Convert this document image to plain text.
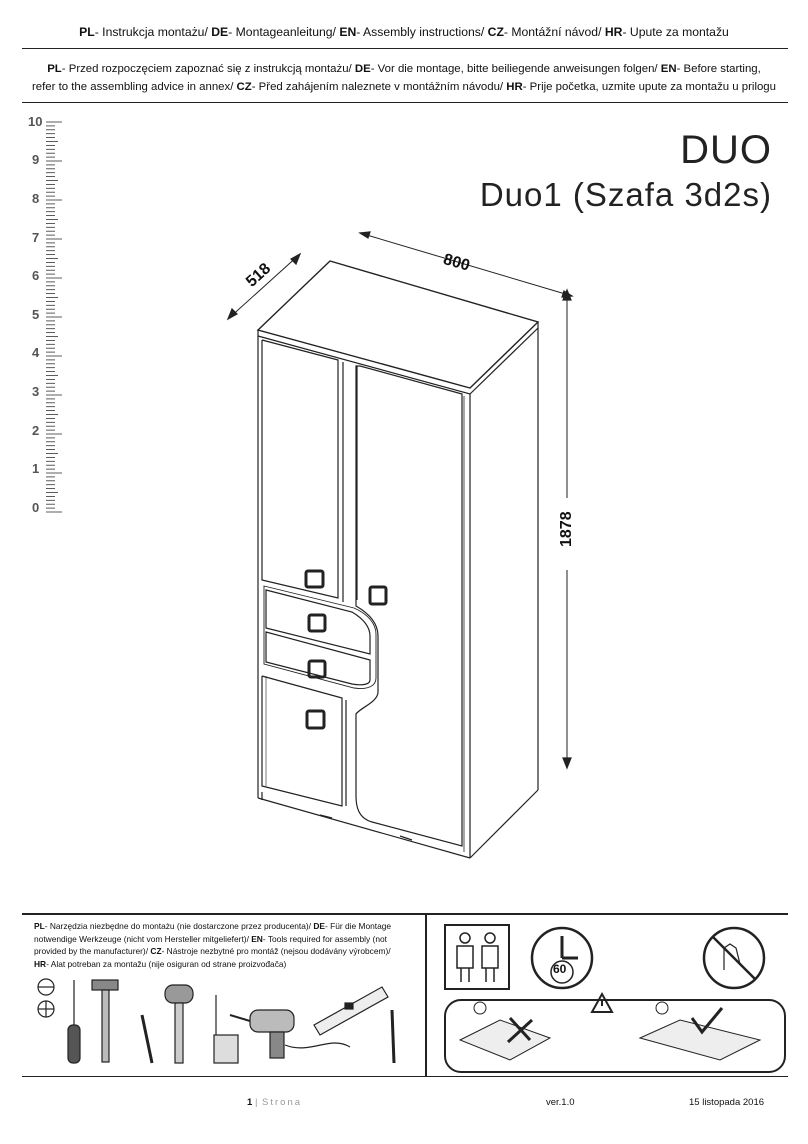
PL- Instrukcja montażu/ DE- Montageanleitung/ EN- Assembly instructions/ CZ- Montážní návod/ HR- Upute za montažu
PL- Przed rozpoczęciem zapoznać się z instrukcją montażu/ DE- Vor die montage, bitte beiliegende anweisungen folgen/ EN- Before starting,
refer to the assembling advice in annex/ CZ- Před zahájením naleznete v montážním návodu/ HR- Prije početka, uzmite upute za montažu u prilogu
DUO
Duo1 (Szafa 3d2s)
10
9
8
7
6
5
4
3
2
1
0
518	800
1878
PL- Narzędzia niezbędne do montażu (nie dostarczone przez producenta)/ DE- Für die Montage
notwendige Werkzeuge (nicht vom Hersteller mitgeliefert)/ EN- Tools required for assembly (not
provided by the manufacturer)/ CZ- Nástroje nezbytné pro montáž (nejsou dodávány výrobcem)/
HR- Alat potreban za montažu (nije osiguran od strane proizvođača)	60
1 | Strona	ver.1.0	15 listopada 2016
